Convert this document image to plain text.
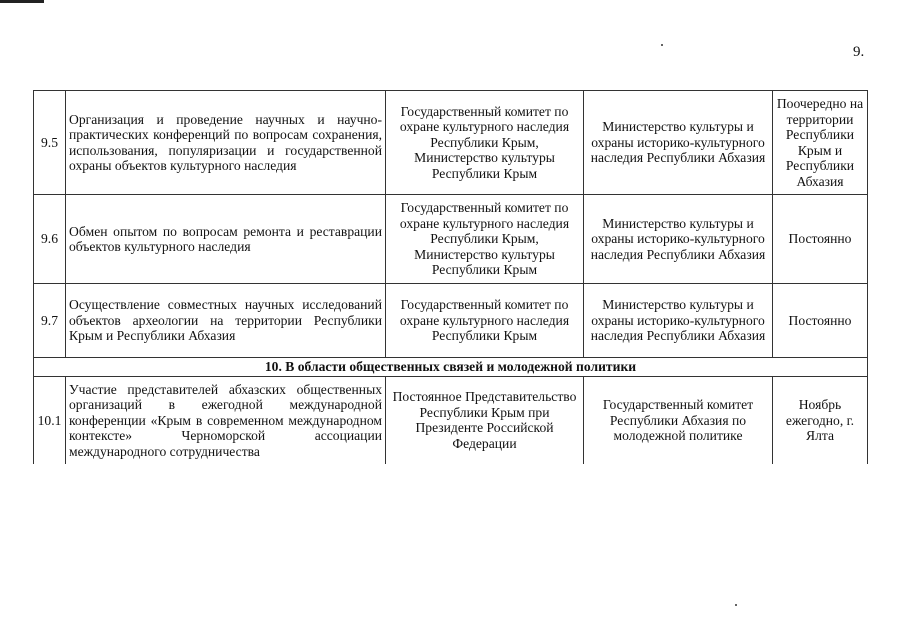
9.
9.5	Организация и проведение научных и научно-практических конференций по вопросам сохранения, использования, популяризации и государственной охраны объектов культурного наследия	Государственный комитет по охране культурного наследия Республики Крым, Министерство культуры Республики Крым	Министерство культуры и охраны историко-культурного наследия Республики Абхазия	Поочередно на территории Республики Крым и Республики Абхазия
9.6	Обмен опытом по вопросам ремонта и реставрации объектов культурного наследия	Государственный комитет по охране культурного наследия Республики Крым, Министерство культуры Республики Крым	Министерство культуры и охраны историко-культурного наследия Республики Абхазия	Постоянно
9.7	Осуществление совместных научных исследований объектов археологии на территории Республики Крым и Республики Абхазия	Государственный комитет по охране культурного наследия Республики Крым	Министерство культуры и охраны историко-культурного наследия Республики Абхазия	Постоянно
10. В области общественных связей и молодежной политики				
10.1	Участие представителей абхазских общественных организаций в ежегодной международной конференции «Крым в современном международном контексте» Черноморской ассоциации международного сотрудничества	Постоянное Представительство Республики Крым при Президенте Российской Федерации	Государственный комитет Республики Абхазия по молодежной политике	Ноябрь ежегодно, г. Ялта
